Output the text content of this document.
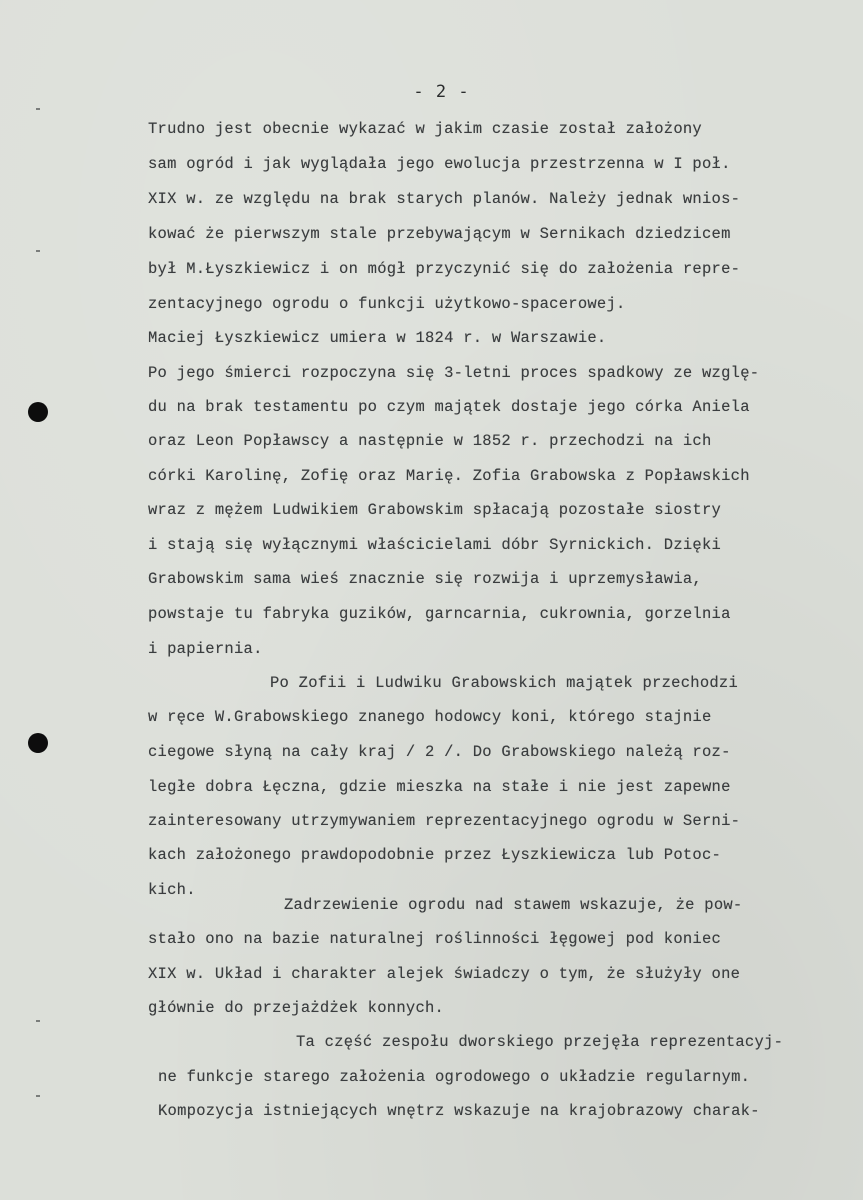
- 2 -
Trudno jest obecnie wykazać w jakim czasie został założony
sam ogród i jak wyglądała jego ewolucja przestrzenna w I poł.
XIX w. ze względu na brak starych planów. Należy jednak wnios-
kować że pierwszym stale przebywającym w Sernikach dziedzicem
był M.Łyszkiewicz i on mógł przyczynić się do założenia repre-
zentacyjnego ogrodu o funkcji użytkowo-spacerowej.
Maciej Łyszkiewicz umiera w 1824 r. w Warszawie.
Po jego śmierci rozpoczyna się 3-letni proces spadkowy ze wzglę-
du na brak testamentu po czym majątek dostaje jego córka Aniela
oraz Leon Popławscy a następnie w 1852 r. przechodzi na ich
córki Karolinę, Zofię oraz Marię. Zofia Grabowska z Popławskich
wraz z mężem Ludwikiem Grabowskim spłacają pozostałe siostry
i stają się wyłącznymi właścicielami dóbr Syrnickich. Dzięki
Grabowskim sama wieś znacznie się rozwija i uprzemysławia,
powstaje tu fabryka guzików, garncarnia, cukrownia, gorzelnia
i papiernia.
Po Zofii i Ludwiku Grabowskich majątek przechodzi
w ręce W.Grabowskiego znanego hodowcy koni, którego stajnie
ciegowe słyną na cały kraj / 2 /. Do Grabowskiego należą roz-
ległe dobra Łęczna, gdzie mieszka na stałe i nie jest zapewne
zainteresowany utrzymywaniem reprezentacyjnego ogrodu w Serni-
kach założonego prawdopodobnie przez Łyszkiewicza lub Potoc-
kich.
Zadrzewienie ogrodu nad stawem wskazuje, że pow-
stało ono na bazie naturalnej roślinności łęgowej pod koniec
XIX w. Układ i charakter alejek świadczy o tym, że służyły one
głównie do przejażdżek konnych.
Ta część zespołu dworskiego przejęła reprezentacyj-
ne funkcje starego założenia ogrodowego o układzie regularnym.
Kompozycja istniejących wnętrz wskazuje na krajobrazowy charak-
